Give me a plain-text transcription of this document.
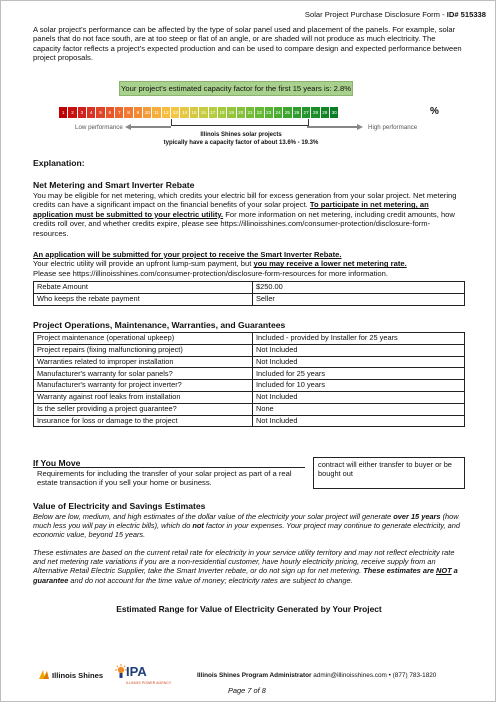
Solar Project Purchase Disclosure Form - ID# 515338
A solar project's performance can be affected by the type of solar panel used and placement of the panels. For example, solar panels that do not face south, are at too steep or flat of an angle, or are shaded will not produce as much electricity. The capacity factor reflects a project's expected production and can be used to compare design and expected performance between project proposals.
Your project's estimated capacity factor for the first 15 years is: 2.8%
1	2	3	4	5	6	7	8	9	10 11 12 13 14 15 16 17 18 19 20 21 22 23 24 25 26 27 28 29 30	%
Low performance	High performance
Illinois Shines solar projects
typically have a capacity factor of about 13.6% - 19.3%
Explanation:
Net Metering and Smart Inverter Rebate
You may be eligible for net metering, which credits your electric bill for excess generation from your solar project. Net metering credits can have a significant impact on the financial benefits of your solar project. To participate in net metering, an application must be submitted to your electric utility. For more information on net metering, including credit amounts, how credits roll over, and whether credits expire, please see https://illinoisshines.com/consumer-protection/disclosure-form-resources.
An application will be submitted for your project to receive the Smart Inverter Rebate.
Your electric utility will provide an upfront lump-sum payment, but you may receive a lower net metering rate.
Please see https://illinoisshines.com/consumer-protection/disclosure-form-resources for more information.
Rebate Amount	$250.00
Who keeps the rebate payment	Seller
Project Operations, Maintenance, Warranties, and Guarantees
Project maintenance (operational upkeep)	Included - provided by Installer for 25 years
Project repairs (fixing malfunctioning project)	Not Included
Warranties related to improper installation	Not Included
Manufacturer's warranty for solar panels?	Included for 25 years
Manufacturer's warranty for project inverter?	Included for 10 years
Warranty against roof leaks from installation	Not Included
Is the seller providing a project guarantee?	None
Insurance for loss or damage to the project	Not Included
If You Move
Requirements for including the transfer of your solar project as part of a real estate transaction if you sell your home or business.
contract will either transfer to buyer or be bought out
Value of Electricity and Savings Estimates
Below are low, medium, and high estimates of the dollar value of the electricity your solar project will generate over 15 years (how much less you will pay in electric bills), which do not factor in your expenses. Your project may continue to generate electricity, and economic value, beyond 15 years.
These estimates are based on the current retail rate for electricity in your service utility territory and may not reflect electricity rate and net metering rate variations if you are a non-residential customer, have hourly electricity pricing, receive supply from an Alternative Retail Electric Supplier, take the Smart Inverter rebate, or do not sign up for net metering. These estimates are NOT a guarantee and do not account for the time value of money; electricity rates are subject to change.
Estimated Range for Value of Electricity Generated by Your Project
Illinois Shines IPA
ILLINOIS POWER AGENCY
Illinois Shines Program Administrator admin@illinoisshines.com • (877) 783-1820
Page 7 of 8
